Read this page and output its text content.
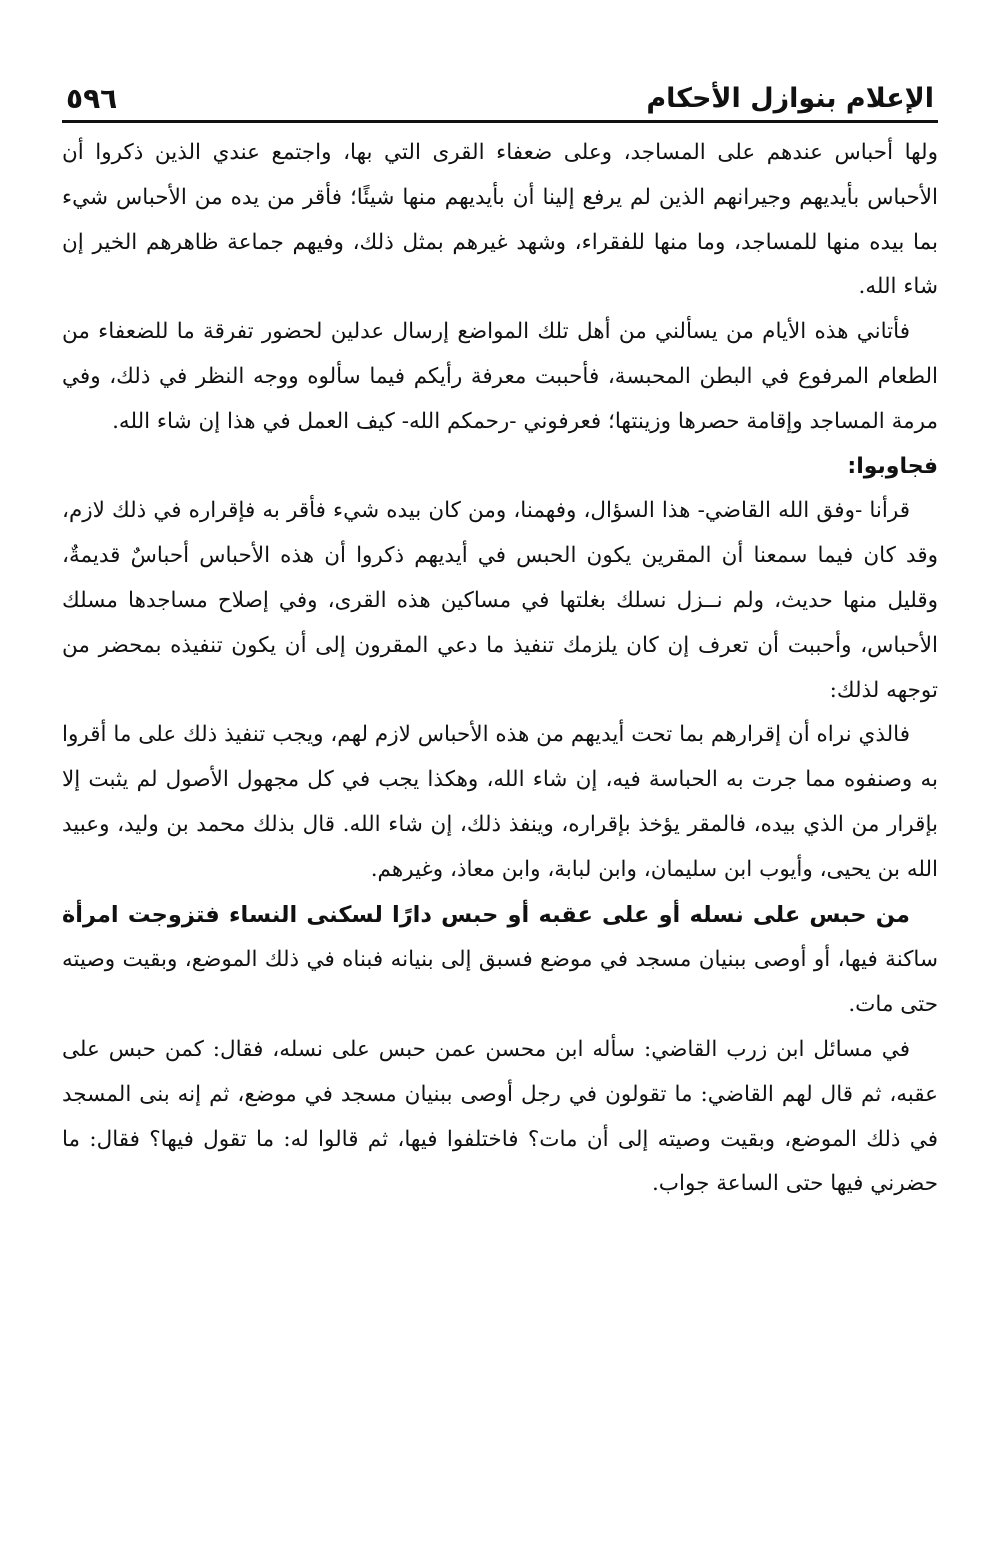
الإعلام بنوازل الأحكام
٥٩٦

ولها أحباس عندهم على المساجد، وعلى ضعفاء القرى التي بها، واجتمع عندي الذين ذكروا أن الأحباس بأيديهم وجيرانهم الذين لم يرفع إلينا أن بأيديهم منها شيئًا؛ فأقر من يده من الأحباس شيء بما بيده منها للمساجد، وما منها للفقراء، وشهد غيرهم بمثل ذلك، وفيهم جماعة ظاهرهم الخير إن شاء الله.

فأتاني هذه الأيام من يسألني من أهل تلك المواضع إرسال عدلين لحضور تفرقة ما للضعفاء من الطعام المرفوع في البطن المحبسة، فأحببت معرفة رأيكم فيما سألوه ووجه النظر في ذلك، وفي مرمة المساجد وإقامة حصرها وزينتها؛ فعرفوني -رحمكم الله- كيف العمل في هذا إن شاء الله.

فجاوبوا:

قرأنا -وفق الله القاضي- هذا السؤال، وفهمنا، ومن كان بيده شيء فأقر به فإقراره في ذلك لازم، وقد كان فيما سمعنا أن المقرين يكون الحبس في أيديهم ذكروا أن هذه الأحباس أحباسٌ قديمةٌ، وقليل منها حديث، ولم نــزل نسلك بغلتها في مساكين هذه القرى، وفي إصلاح مساجدها مسلك الأحباس، وأحببت أن تعرف إن كان يلزمك تنفيذ ما دعي المقرون إلى أن يكون تنفيذه بمحضر من توجهه لذلك:

فالذي نراه أن إقرارهم بما تحت أيديهم من هذه الأحباس لازم لهم، ويجب تنفيذ ذلك على ما أقروا به وصنفوه مما جرت به الحباسة فيه، إن شاء الله، وهكذا يجب في كل مجهول الأصول لم يثبت إلا بإقرار من الذي بيده، فالمقر يؤخذ بإقراره، وينفذ ذلك، إن شاء الله. قال بذلك محمد بن وليد، وعبيد الله بن يحيى، وأيوب ابن سليمان، وابن لبابة، وابن معاذ، وغيرهم.

من حبس على نسله أو على عقبه أو حبس دارًا لسكنى النساء فتزوجت امرأة ساكنة فيها، أو أوصى ببنيان مسجد في موضع فسبق إلى بنيانه فبناه في ذلك الموضع، وبقيت وصيته حتى مات.

في مسائل ابن زرب القاضي: سأله ابن محسن عمن حبس على نسله، فقال: كمن حبس على عقبه، ثم قال لهم القاضي: ما تقولون في رجل أوصى ببنيان مسجد في موضع، ثم إنه بنى المسجد في ذلك الموضع، وبقيت وصيته إلى أن مات؟ فاختلفوا فيها، ثم قالوا له: ما تقول فيها؟ فقال: ما حضرني فيها حتى الساعة جواب.
